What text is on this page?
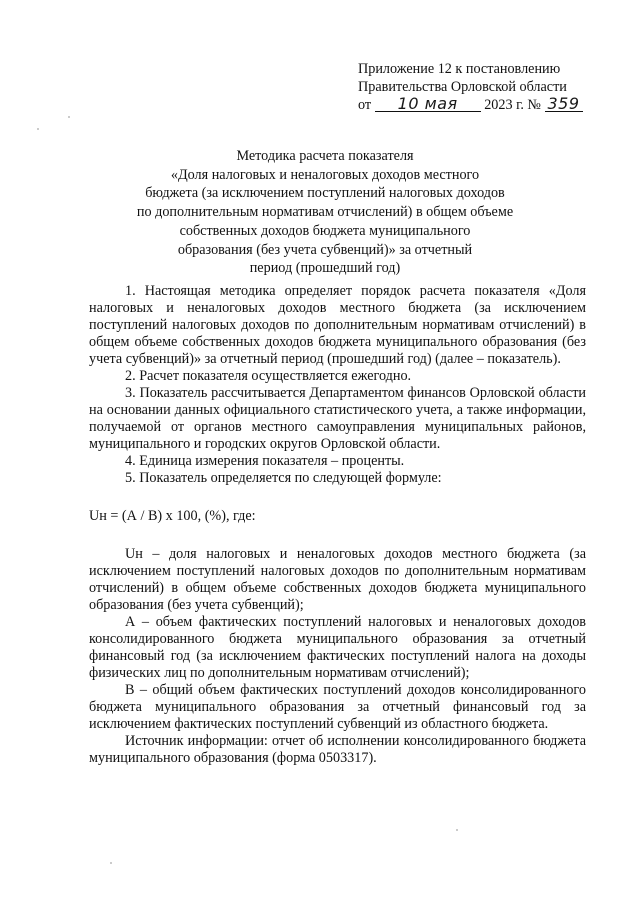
Приложение 12 к постановлению
Правительства Орловской области
от 10 мая 2023 г. № 359
Методика расчета показателя
«Доля налоговых и неналоговых доходов местного
бюджета (за исключением поступлений налоговых доходов
по дополнительным нормативам отчислений) в общем объеме
собственных доходов бюджета муниципального
образования (без учета субвенций)» за отчетный
период (прошедший год)

1. Настоящая методика определяет порядок расчета показателя «Доля налоговых и неналоговых доходов местного бюджета (за исключением поступлений налоговых доходов по дополнительным нормативам отчислений) в общем объеме собственных доходов бюджета муниципального образования (без учета субвенций)» за отчетный период (прошедший год) (далее – показатель).

2. Расчет показателя осуществляется ежегодно.

3. Показатель рассчитывается Департаментом финансов Орловской области на основании данных официального статистического учета, а также информации, получаемой от органов местного самоуправления муниципальных районов, муниципального и городских округов Орловской области.

4. Единица измерения показателя – проценты.

5. Показатель определяется по следующей формуле:

Uн = (А / В) x 100, (%), где:

Uн – доля налоговых и неналоговых доходов местного бюджета (за исключением поступлений налоговых доходов по дополнительным нормативам отчислений) в общем объеме собственных доходов бюджета муниципального образования (без учета субвенций);

А – объем фактических поступлений налоговых и неналоговых доходов консолидированного бюджета муниципального образования за отчетный финансовый год (за исключением фактических поступлений налога на доходы физических лиц по дополнительным нормативам отчислений);

В – общий объем фактических поступлений доходов консолидированного бюджета муниципального образования за отчетный финансовый год за исключением фактических поступлений субвенций из областного бюджета.

Источник информации: отчет об исполнении консолидированного бюджета муниципального образования (форма 0503317).
